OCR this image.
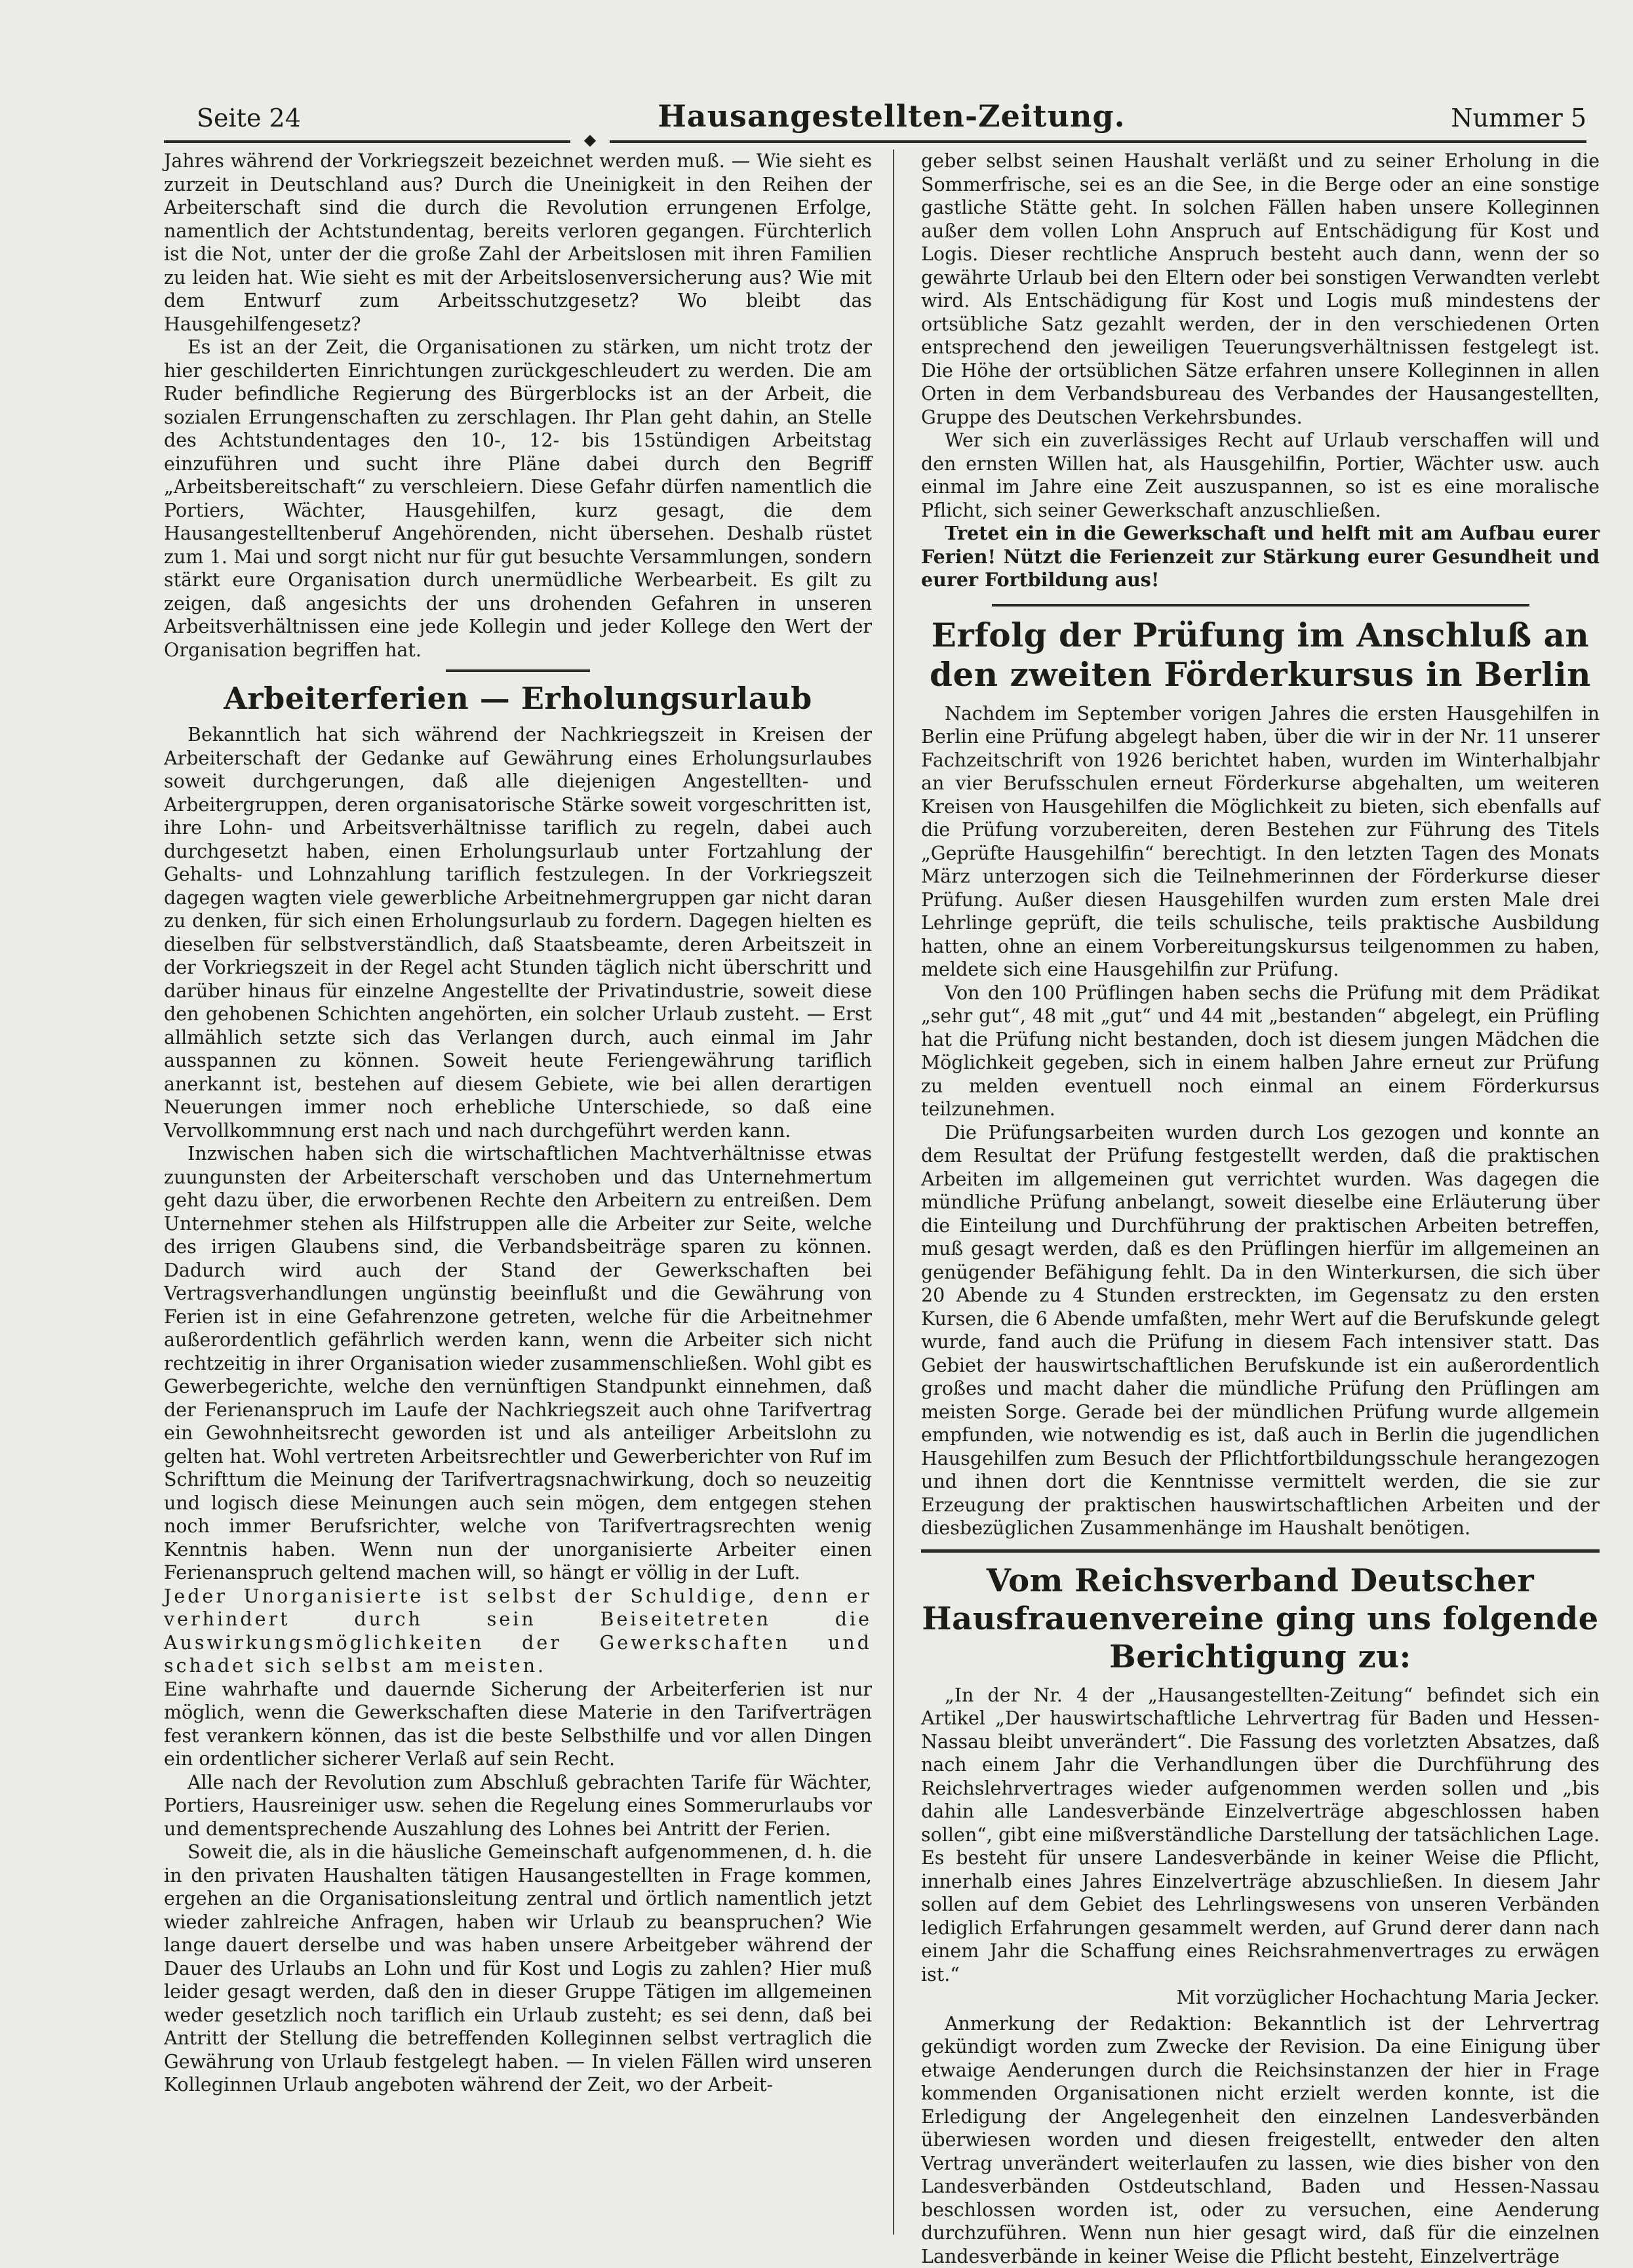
Seite 24	Hausangestellten-Zeitung.	Nummer 5
◆

Jahres während der Vorkriegszeit bezeichnet werden muß. — Wie sieht es zurzeit in Deutschland aus? Durch die Uneinigkeit in den Reihen der Arbeiterschaft sind die durch die Revolution errungenen Erfolge, namentlich der Achtstundentag, bereits verloren gegangen. Fürchterlich ist die Not, unter der die große Zahl der Arbeitslosen mit ihren Familien zu leiden hat. Wie sieht es mit der Arbeitslosenversicherung aus? Wie mit dem Entwurf zum Arbeitsschutzgesetz? Wo bleibt das Hausgehilfengesetz?

Es ist an der Zeit, die Organisationen zu stärken, um nicht trotz der hier geschilderten Einrichtungen zurückgeschleudert zu werden. Die am Ruder befindliche Regierung des Bürgerblocks ist an der Arbeit, die sozialen Errungenschaften zu zerschlagen. Ihr Plan geht dahin, an Stelle des Achtstundentages den 10-, 12- bis 15stündigen Arbeitstag einzuführen und sucht ihre Pläne dabei durch den Begriff „Arbeitsbereitschaft“ zu verschleiern. Diese Gefahr dürfen namentlich die Portiers, Wächter, Hausgehilfen, kurz gesagt, die dem Hausangestelltenberuf Angehörenden, nicht übersehen. Deshalb rüstet zum 1. Mai und sorgt nicht nur für gut besuchte Versammlungen, sondern stärkt eure Organisation durch unermüdliche Werbearbeit. Es gilt zu zeigen, daß angesichts der uns drohenden Gefahren in unseren Arbeitsverhältnissen eine jede Kollegin und jeder Kollege den Wert der Organisation begriffen hat.

Arbeiterferien — Erholungsurlaub

Bekanntlich hat sich während der Nachkriegszeit in Kreisen der Arbeiterschaft der Gedanke auf Gewährung eines Erholungsurlaubes soweit durchgerungen, daß alle diejenigen Angestellten- und Arbeitergruppen, deren organisatorische Stärke soweit vorgeschritten ist, ihre Lohn- und Arbeitsverhältnisse tariflich zu regeln, dabei auch durchgesetzt haben, einen Erholungsurlaub unter Fortzahlung der Gehalts- und Lohnzahlung tariflich festzulegen. In der Vorkriegszeit dagegen wagten viele gewerbliche Arbeitnehmergruppen gar nicht daran zu denken, für sich einen Erholungsurlaub zu fordern. Dagegen hielten es dieselben für selbstverständlich, daß Staatsbeamte, deren Arbeitszeit in der Vorkriegszeit in der Regel acht Stunden täglich nicht überschritt und darüber hinaus für einzelne Angestellte der Privatindustrie, soweit diese den gehobenen Schichten angehörten, ein solcher Urlaub zusteht. — Erst allmählich setzte sich das Verlangen durch, auch einmal im Jahr ausspannen zu können. Soweit heute Feriengewährung tariflich anerkannt ist, bestehen auf diesem Gebiete, wie bei allen derartigen Neuerungen immer noch erhebliche Unterschiede, so daß eine Vervollkommnung erst nach und nach durchgeführt werden kann.

Inzwischen haben sich die wirtschaftlichen Machtverhältnisse etwas zuungunsten der Arbeiterschaft verschoben und das Unternehmertum geht dazu über, die erworbenen Rechte den Arbeitern zu entreißen. Dem Unternehmer stehen als Hilfstruppen alle die Arbeiter zur Seite, welche des irrigen Glaubens sind, die Verbandsbeiträge sparen zu können. Dadurch wird auch der Stand der Gewerkschaften bei Vertragsverhandlungen ungünstig beeinflußt und die Gewährung von Ferien ist in eine Gefahrenzone getreten, welche für die Arbeitnehmer außerordentlich gefährlich werden kann, wenn die Arbeiter sich nicht rechtzeitig in ihrer Organisation wieder zusammenschließen. Wohl gibt es Gewerbegerichte, welche den vernünftigen Standpunkt einnehmen, daß der Ferienanspruch im Laufe der Nachkriegszeit auch ohne Tarifvertrag ein Gewohnheitsrecht geworden ist und als anteiliger Arbeitslohn zu gelten hat. Wohl vertreten Arbeitsrechtler und Gewerberichter von Ruf im Schrifttum die Meinung der Tarifvertragsnachwirkung, doch so neuzeitig und logisch diese Meinungen auch sein mögen, dem entgegen stehen noch immer Berufsrichter, welche von Tarifvertragsrechten wenig Kenntnis haben. Wenn nun der unorganisierte Arbeiter einen Ferienanspruch geltend machen will, so hängt er völlig in der Luft.

Jeder Unorganisierte ist selbst der Schuldige, denn er verhindert durch sein Beiseitetreten die Auswirkungsmöglichkeiten der Gewerkschaften und schadet sich selbst am meisten.

Eine wahrhafte und dauernde Sicherung der Arbeiterferien ist nur möglich, wenn die Gewerkschaften diese Materie in den Tarifverträgen fest verankern können, das ist die beste Selbsthilfe und vor allen Dingen ein ordentlicher sicherer Verlaß auf sein Recht.

Alle nach der Revolution zum Abschluß gebrachten Tarife für Wächter, Portiers, Hausreiniger usw. sehen die Regelung eines Sommerurlaubs vor und dementsprechende Auszahlung des Lohnes bei Antritt der Ferien.

Soweit die, als in die häusliche Gemeinschaft aufgenommenen, d. h. die in den privaten Haushalten tätigen Hausangestellten in Frage kommen, ergehen an die Organisationsleitung zentral und örtlich namentlich jetzt wieder zahlreiche Anfragen, haben wir Urlaub zu beanspruchen? Wie lange dauert derselbe und was haben unsere Arbeitgeber während der Dauer des Urlaubs an Lohn und für Kost und Logis zu zahlen? Hier muß leider gesagt werden, daß den in dieser Gruppe Tätigen im allgemeinen weder gesetzlich noch tariflich ein Urlaub zusteht; es sei denn, daß bei Antritt der Stellung die betreffenden Kolleginnen selbst vertraglich die Gewährung von Urlaub festgelegt haben. — In vielen Fällen wird unseren Kolleginnen Urlaub angeboten während der Zeit, wo der Arbeit-

geber selbst seinen Haushalt verläßt und zu seiner Erholung in die Sommerfrische, sei es an die See, in die Berge oder an eine sonstige gastliche Stätte geht. In solchen Fällen haben unsere Kolleginnen außer dem vollen Lohn Anspruch auf Entschädigung für Kost und Logis. Dieser rechtliche Anspruch besteht auch dann, wenn der so gewährte Urlaub bei den Eltern oder bei sonstigen Verwandten verlebt wird. Als Entschädigung für Kost und Logis muß mindestens der ortsübliche Satz gezahlt werden, der in den verschiedenen Orten entsprechend den jeweiligen Teuerungsverhältnissen festgelegt ist. Die Höhe der ortsüblichen Sätze erfahren unsere Kolleginnen in allen Orten in dem Verbandsbureau des Verbandes der Hausangestellten, Gruppe des Deutschen Verkehrsbundes.

Wer sich ein zuverlässiges Recht auf Urlaub verschaffen will und den ernsten Willen hat, als Hausgehilfin, Portier, Wächter usw. auch einmal im Jahre eine Zeit auszuspannen, so ist es eine moralische Pflicht, sich seiner Gewerkschaft anzuschließen.

Tretet ein in die Gewerkschaft und helft mit am Aufbau eurer Ferien! Nützt die Ferienzeit zur Stärkung eurer Gesundheit und eurer Fortbildung aus!

Erfolg der Prüfung im Anschluß an den zweiten Förderkursus in Berlin

Nachdem im September vorigen Jahres die ersten Hausgehilfen in Berlin eine Prüfung abgelegt haben, über die wir in der Nr. 11 unserer Fachzeitschrift von 1926 berichtet haben, wurden im Winterhalbjahr an vier Berufsschulen erneut Förderkurse abgehalten, um weiteren Kreisen von Hausgehilfen die Möglichkeit zu bieten, sich ebenfalls auf die Prüfung vorzubereiten, deren Bestehen zur Führung des Titels „Geprüfte Hausgehilfin“ berechtigt. In den letzten Tagen des Monats März unterzogen sich die Teilnehmerinnen der Förderkurse dieser Prüfung. Außer diesen Hausgehilfen wurden zum ersten Male drei Lehrlinge geprüft, die teils schulische, teils praktische Ausbildung hatten, ohne an einem Vorbereitungskursus teilgenommen zu haben, meldete sich eine Hausgehilfin zur Prüfung.

Von den 100 Prüflingen haben sechs die Prüfung mit dem Prädikat „sehr gut“, 48 mit „gut“ und 44 mit „bestanden“ abgelegt, ein Prüfling hat die Prüfung nicht bestanden, doch ist diesem jungen Mädchen die Möglichkeit gegeben, sich in einem halben Jahre erneut zur Prüfung zu melden eventuell noch einmal an einem Förderkursus teilzunehmen.

Die Prüfungsarbeiten wurden durch Los gezogen und konnte an dem Resultat der Prüfung festgestellt werden, daß die praktischen Arbeiten im allgemeinen gut verrichtet wurden. Was dagegen die mündliche Prüfung anbelangt, soweit dieselbe eine Erläuterung über die Einteilung und Durchführung der praktischen Arbeiten betreffen, muß gesagt werden, daß es den Prüflingen hierfür im allgemeinen an genügender Befähigung fehlt. Da in den Winterkursen, die sich über 20 Abende zu 4 Stunden erstreckten, im Gegensatz zu den ersten Kursen, die 6 Abende umfaßten, mehr Wert auf die Berufskunde gelegt wurde, fand auch die Prüfung in diesem Fach intensiver statt. Das Gebiet der hauswirtschaftlichen Berufskunde ist ein außerordentlich großes und macht daher die mündliche Prüfung den Prüflingen am meisten Sorge. Gerade bei der mündlichen Prüfung wurde allgemein empfunden, wie notwendig es ist, daß auch in Berlin die jugendlichen Hausgehilfen zum Besuch der Pflichtfortbildungsschule herangezogen und ihnen dort die Kenntnisse vermittelt werden, die sie zur Erzeugung der praktischen hauswirtschaftlichen Arbeiten und der diesbezüglichen Zusammenhänge im Haushalt benötigen.

Vom Reichsverband Deutscher Hausfrauenvereine ging uns folgende Berichtigung zu:

„In der Nr. 4 der „Hausangestellten-Zeitung“ befindet sich ein Artikel „Der hauswirtschaftliche Lehrvertrag für Baden und Hessen-Nassau bleibt unverändert“. Die Fassung des vorletzten Absatzes, daß nach einem Jahr die Verhandlungen über die Durchführung des Reichslehrvertrages wieder aufgenommen werden sollen und „bis dahin alle Landesverbände Einzelverträge abgeschlossen haben sollen“, gibt eine mißverständliche Darstellung der tatsächlichen Lage. Es besteht für unsere Landesverbände in keiner Weise die Pflicht, innerhalb eines Jahres Einzelverträge abzuschließen. In diesem Jahr sollen auf dem Gebiet des Lehrlingswesens von unseren Verbänden lediglich Erfahrungen gesammelt werden, auf Grund derer dann nach einem Jahr die Schaffung eines Reichsrahmenvertrages zu erwägen ist.“

Mit vorzüglicher Hochachtung Maria Jecker.

Anmerkung der Redaktion: Bekanntlich ist der Lehrvertrag gekündigt worden zum Zwecke der Revision. Da eine Einigung über etwaige Aenderungen durch die Reichsinstanzen der hier in Frage kommenden Organisationen nicht erzielt werden konnte, ist die Erledigung der Angelegenheit den einzelnen Landesverbänden überwiesen worden und diesen freigestellt, entweder den alten Vertrag unverändert weiterlaufen zu lassen, wie dies bisher von den Landesverbänden Ostdeutschland, Baden und Hessen-Nassau beschlossen worden ist, oder zu versuchen, eine Aenderung durchzuführen. Wenn nun hier gesagt wird, daß für die einzelnen Landesverbände in keiner Weise die Pflicht besteht, Einzelverträge
